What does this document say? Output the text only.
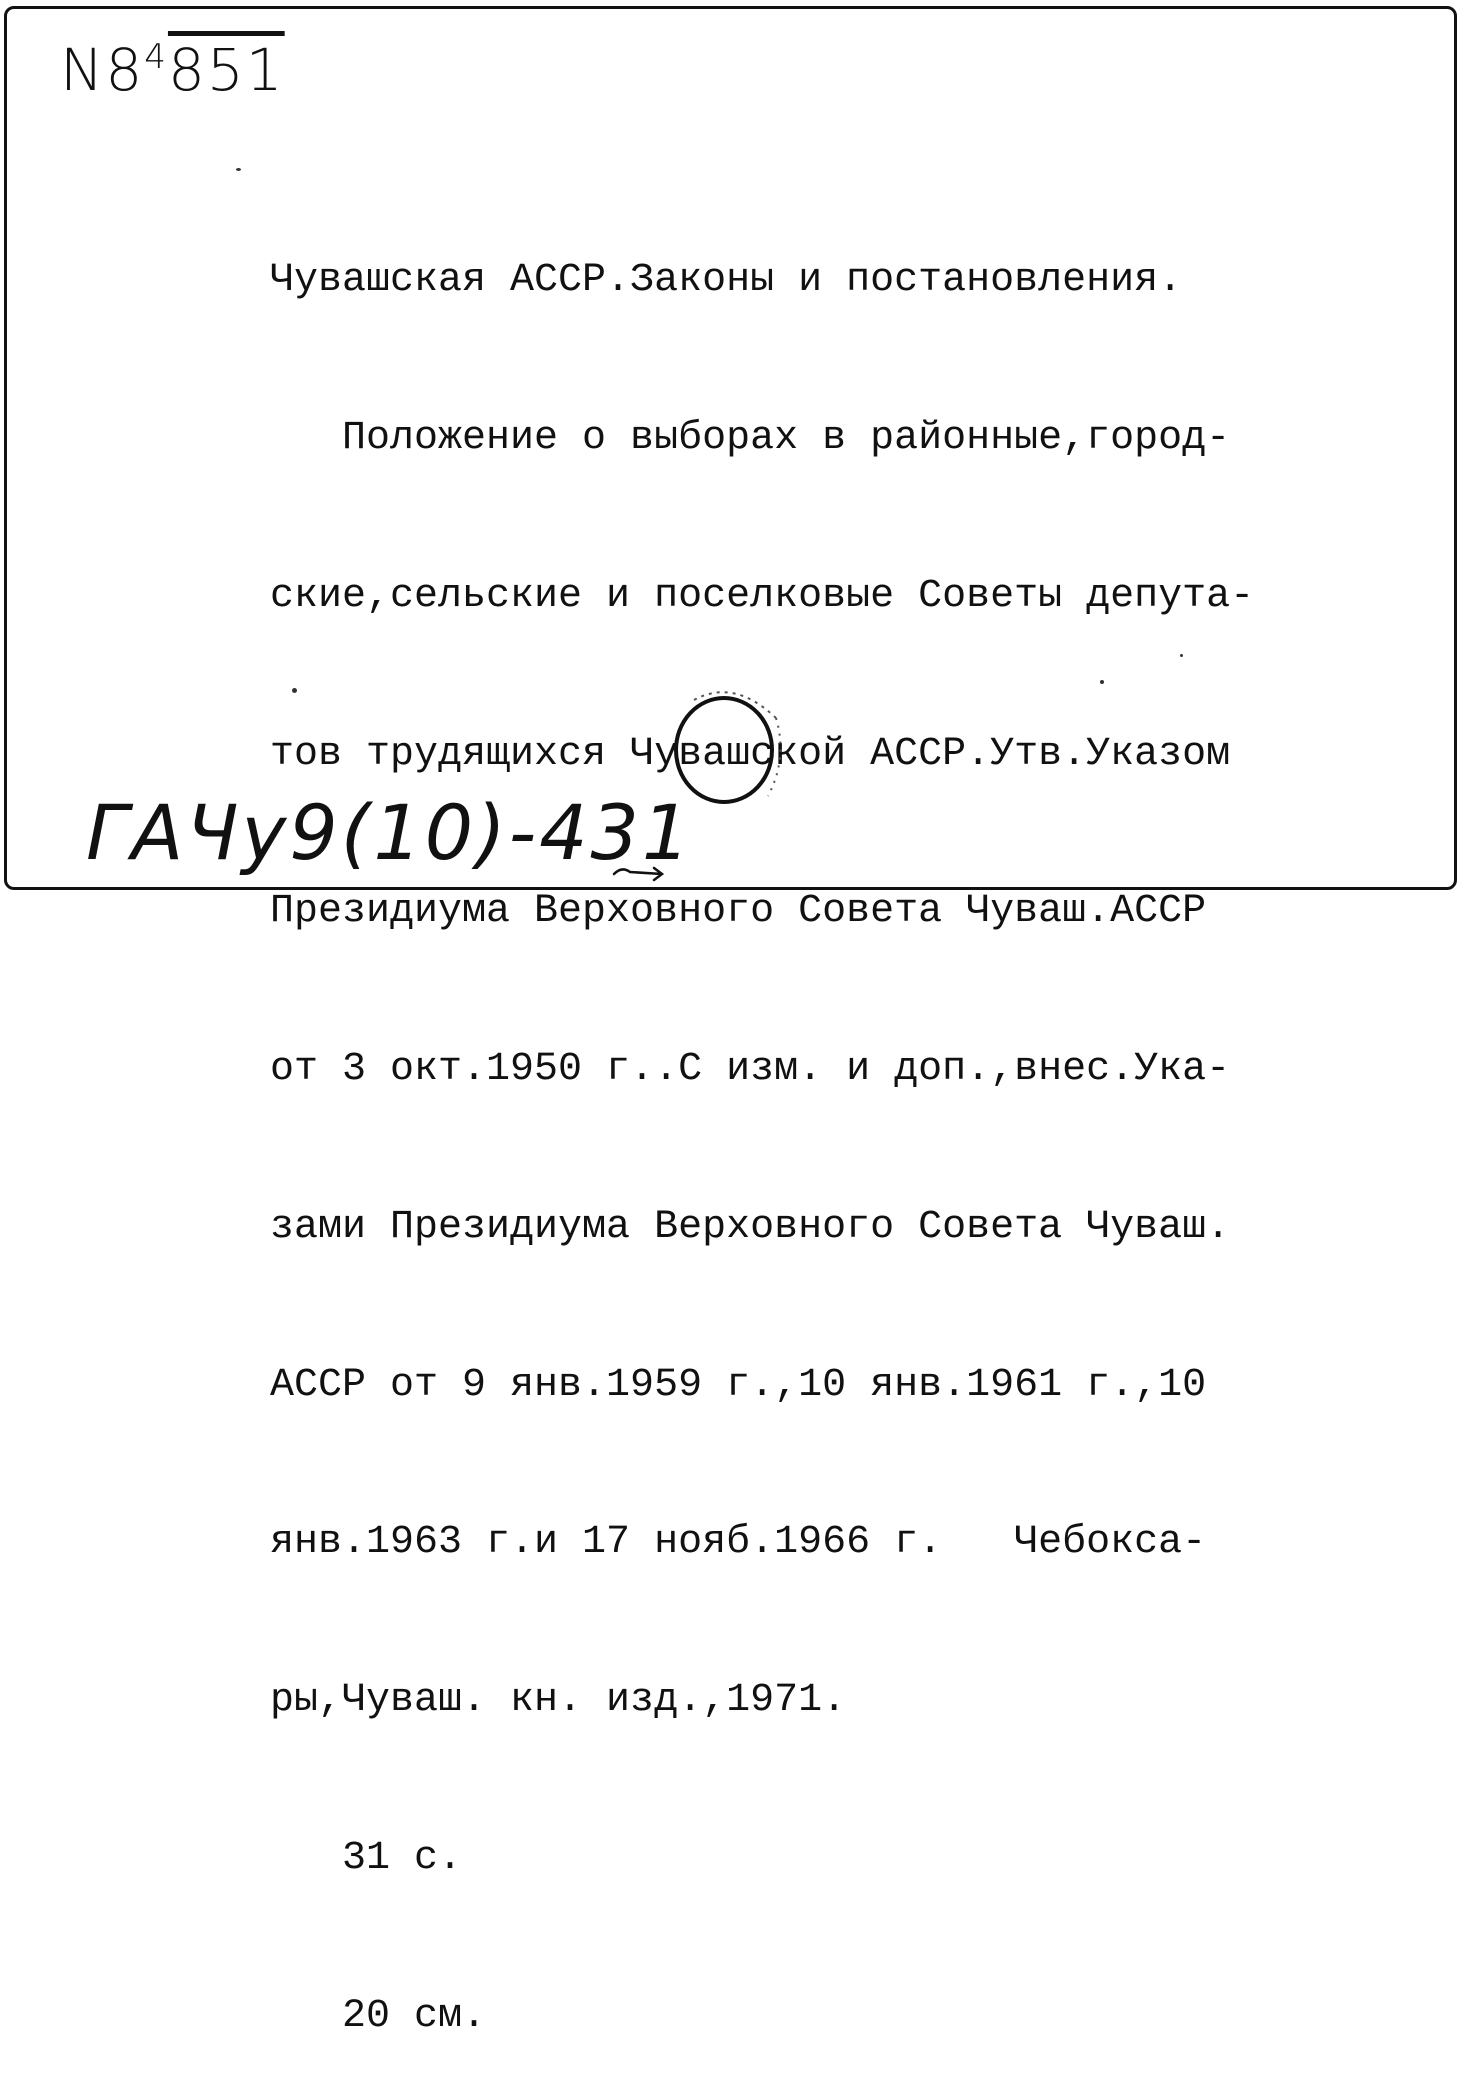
$N8^4851$

Чувашская АССР.Законы и постановления.

Положение о выборах в районные,город-

ские,сельские и поселковые Советы депута-

тов трудящихся Чувашской АССР.Утв.Указом

Президиума Верховного Совета Чуваш.АССР

от 3 окт.1950 г..С изм. и доп.,внес.Ука-

зами Президиума Верховного Совета Чуваш.

АССР от 9 янв.1959 г.,10 янв.1961 г.,10

янв.1963 г.и 17 нояб.1966 г.   Чебокса-

ры,Чуваш. кн. изд.,1971.

31 с.

20 см.

ГАЧу9(10)-431
